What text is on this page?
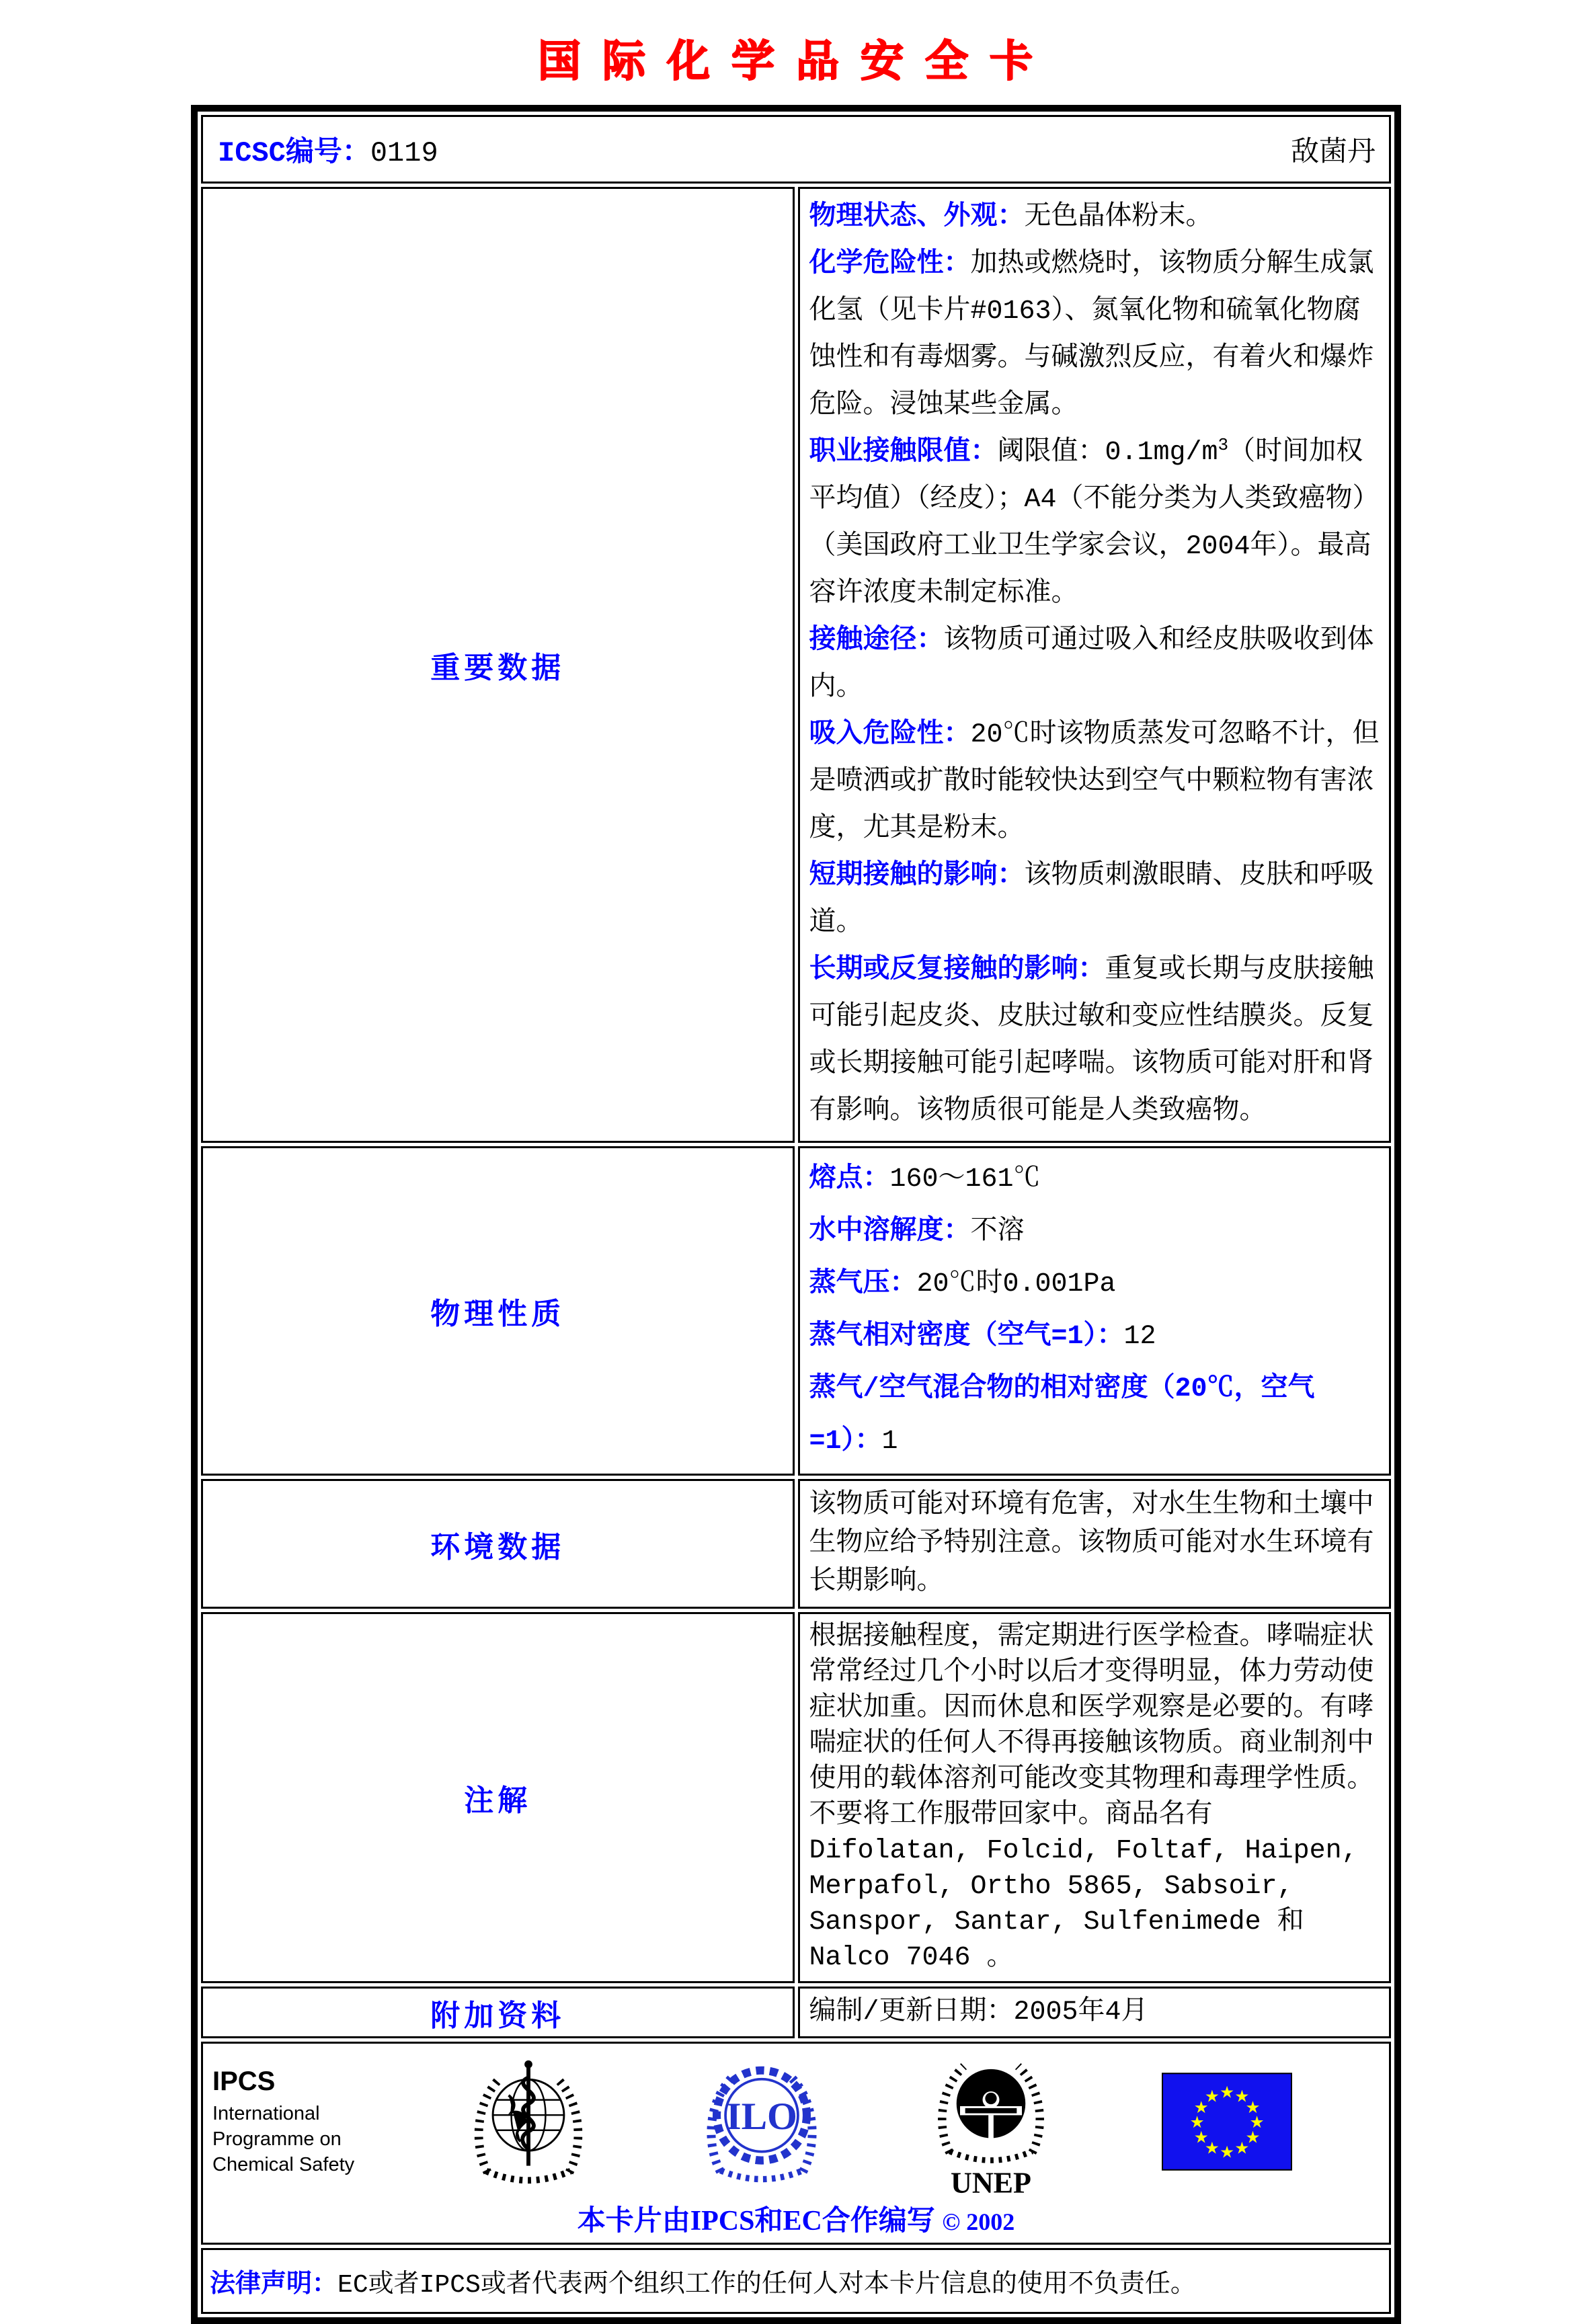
国际化学品安全卡
ICSC编号：0119 敌菌丹	

重要数据	
物理状态、外观：无色晶体粉末。
化学危险性：加热或燃烧时，该物质分解生成氯化氢（见卡片#0163）、氮氧化物和硫氧化物腐蚀性和有毒烟雾。与碱激烈反应，有着火和爆炸危险。浸蚀某些金属。
职业接触限值：阈限值：$0.1mg/m^3$（时间加权平均值）（经皮）；A4（不能分类为人类致癌物）（美国政府工业卫生学家会议，2004年）。最高容许浓度未制定标准。
接触途径：该物质可通过吸入和经皮肤吸收到体内。
吸入危险性：20℃时该物质蒸发可忽略不计，但是喷洒或扩散时能较快达到空气中颗粒物有害浓度，尤其是粉末。
短期接触的影响：该物质刺激眼睛、皮肤和呼吸道。
长期或反复接触的影响：重复或长期与皮肤接触可能引起皮炎、皮肤过敏和变应性结膜炎。反复或长期接触可能引起哮喘。该物质可能对肝和肾有影响。该物质很可能是人类致癌物。

物理性质	熔点：160～161℃
水中溶解度：不溶
蒸气压：20℃时0.001Pa
蒸气相对密度（空气=1）：12
蒸气/空气混合物的相对密度（20℃，空气=1）：1

环境数据	该物质可能对环境有危害，对水生生物和土壤中生物应给予特别注意。该物质可能对水生环境有长期影响。
注解	根据接触程度，需定期进行医学检查。哮喘症状常常经过几个小时以后才变得明显，体力劳动使症状加重。因而休息和医学观察是必要的。有哮喘症状的任何人不得再接触该物质。商业制剂中使用的载体溶剂可能改变其物理和毒理学性质。不要将工作服带回家中。商品名有 Difolatan, Folcid, Foltaf, Haipen, Merpafol, Ortho 5865, Sabsoir, Sanspor, Santar, Sulfenimede 和 Nalco 7046 。
附加资料	编制/更新日期：2005年4月

IPCS
International
Programme on
Chemical Safety
ILO
UNEP
★ ★
★
★
★
★
★
★
★
★
★
★
本卡片由IPCS和EC合作编写 © 2002

法律声明：EC或者IPCS或者代表两个组织工作的任何人对本卡片信息的使用不负责任。	
